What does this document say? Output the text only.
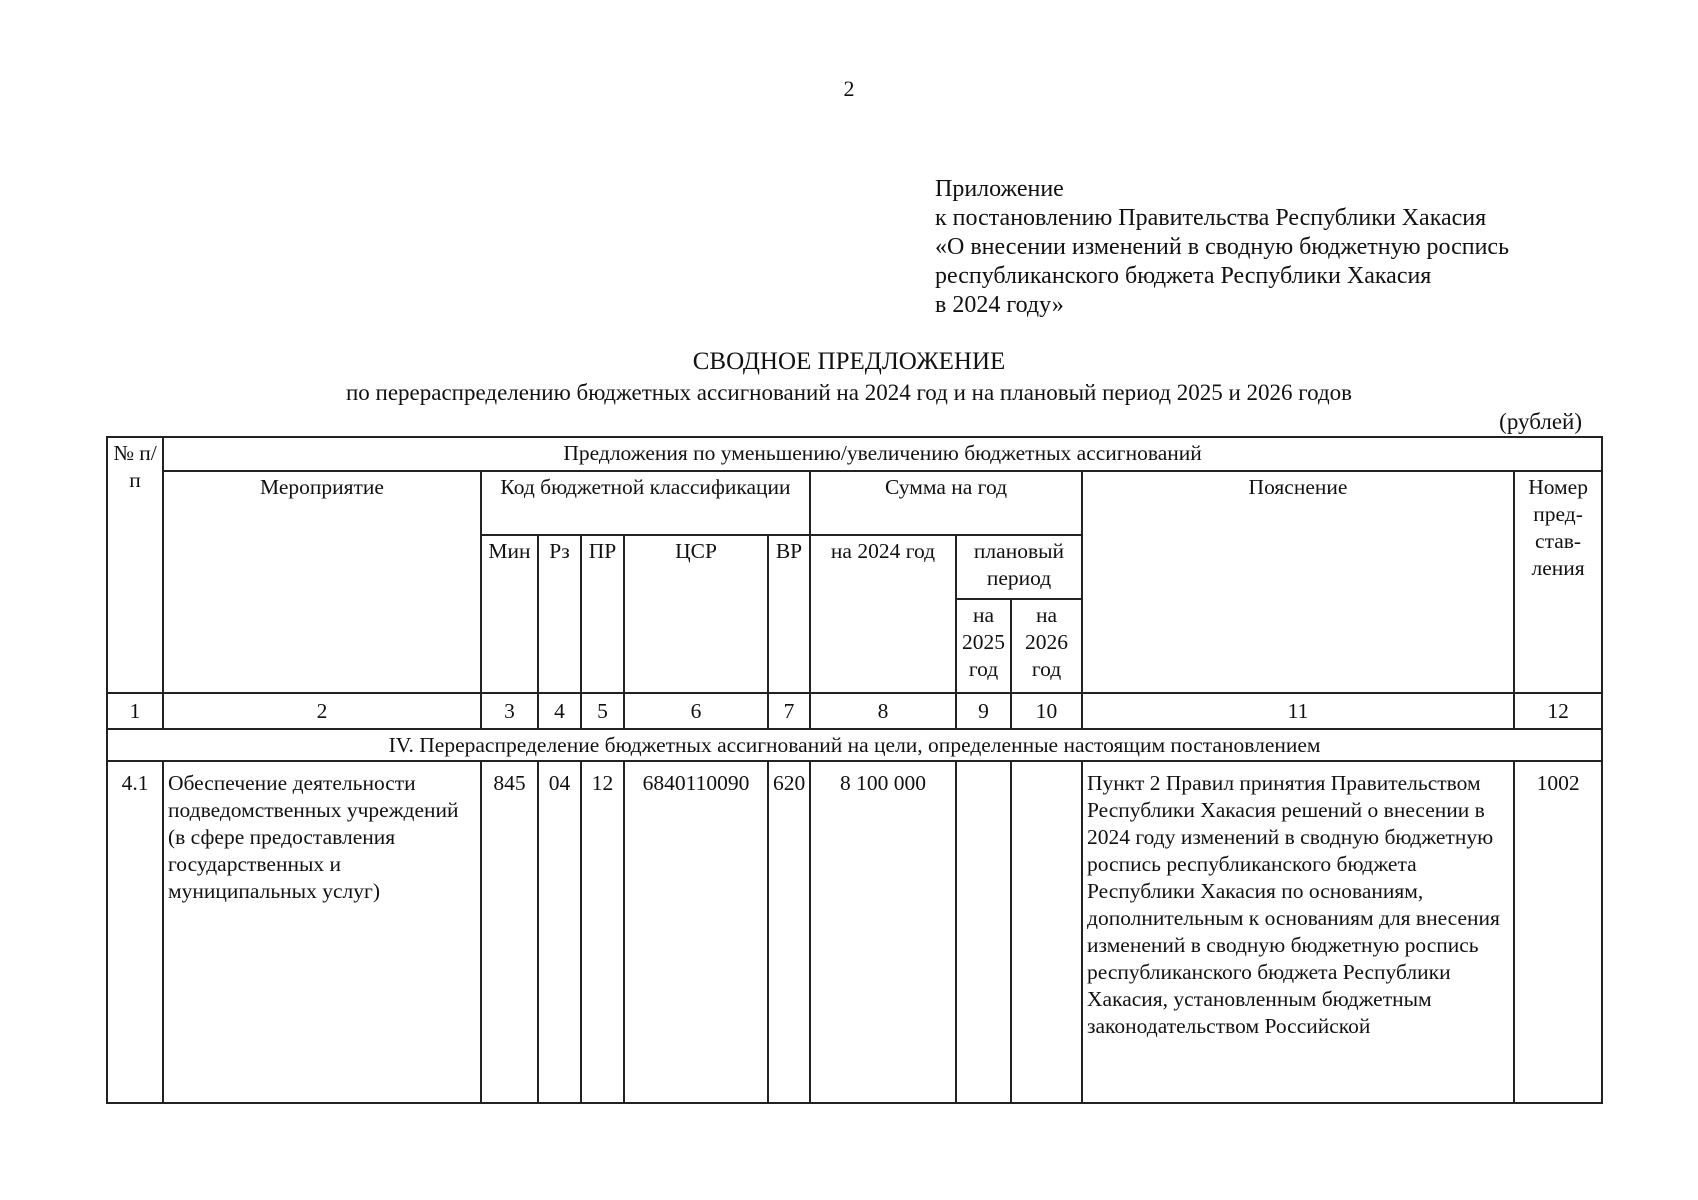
2
Приложение
к постановлению Правительства Республики Хакасия
«О внесении изменений в сводную бюджетную роспись
республиканского бюджета Республики Хакасия
в 2024 году»
СВОДНОЕ ПРЕДЛОЖЕНИЕ
по перераспределению бюджетных ассигнований на 2024 год и на плановый период 2025 и 2026 годов
(рублей)
№ п/п	Предложения по уменьшению/увеличению бюджетных ассигнований										
	Мероприятие	Код бюджетной классификации					Сумма на год			Пояснение	Номер пред- став- ления
		Мин	Рз	ПР	ЦСР	ВР	на 2024 год	плановый период			
								на 2025 год	на 2026 год		
1	2	3	4	5	6	7	8	9	10	11	12
IV. Перераспределение бюджетных ассигнований на цели, определенные настоящим постановлением											
4.1	Обеспечение деятельности подведомственных учреждений (в сфере предоставления государственных и муниципальных услуг)	845	04	12	6840110090	620	8 100 000			Пункт 2 Правил принятия Правительством Республики Хакасия решений о внесении в 2024 году изменений в сводную бюджетную роспись республиканского бюджета Республики Хакасия по основаниям, дополнительным к основаниям для внесения изменений в сводную бюджетную роспись республиканского бюджета Республики Хакасия, установленным бюджетным законодательством Российской	1002
